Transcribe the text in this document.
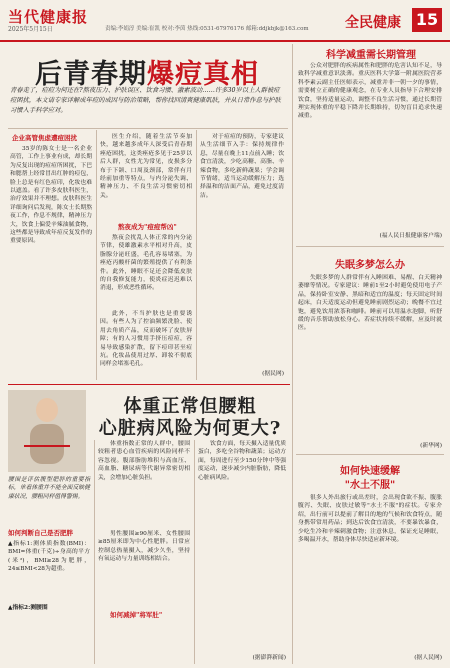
当代健康报
2025年5月15日	责编:李娟淳 美编:崔凯 校对:李茵 热线:0531-67976176 邮箱:ddjkbjk@163.com	全民健康 15
后青春期爆痘真相
青春走了，痘痘为何还在?熬夜压力、护肤误区、饮食习惯、激素波动……许多30岁以上人群被痘痘困扰，本文请专家详解成年痘的成因与防治策略，帮你找回清爽健康肌肤，并从日常作息与护肤习惯入手科学应对。
企业高管焦虑遭痘困扰
35岁的陈女士是一名企业高管，工作上事业有成，却长期为反复出现的痘痘所困扰，下巴和腮帮上经常冒出红肿的痘包，脸上总是有红色痘印，化妆也难以遮盖。看了许多皮肤科医生，治疗效果并不理想。皮肤科医生详细询问后发现，陈女士长期熬夜工作，作息不规律，精神压力大，饮食上偏爱辛辣油腻食物，这些都是导致成年痘反复发作的重要原因。
医生介绍，随着生活节奏加快，越来越多成年人深受后青春期痤疮困扰，这类痤疮多见于25岁以后人群，女性尤为常见，皮损多分布于下颌、口周及颈部，常伴有月经前加重等特点，与内分泌失调、精神压力、不良生活习惯密切相关。
熬夜成为"痘痘帮凶"
熬夜会扰乱人体正常的内分泌节律，使雄激素水平相对升高，皮脂腺分泌旺盛，毛孔容易堵塞，为痤疮丙酸杆菌的繁殖提供了有利条件。此外，睡眠不足还会降低皮肤的自我修复能力，使炎症迟迟难以消退，形成恶性循环。
此外，不当护肤也是重要诱因。有些人为了控油频繁洗脸、使用去角质产品，反而破坏了皮肤屏障；有的人习惯用手挤压痘痘，容易导致感染扩散，留下痘印甚至痘坑。化妆品使用过厚、卸妆不彻底同样会堵塞毛孔。
对于痘痘的预防，专家建议从生活细节入手：保持规律作息，尽量在晚上11点前入睡；饮食宜清淡，少吃高糖、高脂、辛辣食物，多吃新鲜蔬果；学会调节情绪，适当运动缓解压力；选择温和的洁面产品，避免过度清洁。
(据民网)
科学减重需长期管理
公众对肥胖的疾病属性和肥胖的危害认知不足，导致科学减重意识淡薄。重庆医科大学第一附属医院营养科李素云副主任医师表示，减重并非一朝一夕的事情，需要树立正确的健康观念，在专业人员指导下合理安排饮食，坚持适量运动，调整不良生活习惯，通过长期管理实现体重的平稳下降并长期维持，切勿盲目追求快速减重。
(福人民日报健康客户端)
失眠多梦怎么办
失眠多梦的人群常伴有入睡困难、易醒、白天精神萎靡等情况。专家建议：睡前1至2小时避免使用电子产品，保持卧室安静、黑暗和适宜的温度；每天固定时间起床，白天适度运动但避免睡前剧烈运动；晚餐不宜过饱，避免饮用浓茶和咖啡。睡前可以用温水泡脚，听舒缓的音乐帮助放松身心。若症状持续不缓解，应及时就医。
(新华网)
如何快速缓解
"水土不服"
很多人外出旅行或出差时，会出现食欲不振、腹胀腹泻、失眠、皮肤过敏等"水土不服"的症状。专家介绍，出行前可以提前了解目的地的气候和饮食特点，随身携带常用药品；到达后饮食宜清淡，不要暴饮暴食，少吃生冷和辛辣刺激食物；注意休息，保证充足睡眠，多喝温开水，帮助身体尽快适应新环境。
(据人民网)
体重正常但腰粗
心脏病风险为何更大?
腰围是评估腹型肥胖的重要指标，单看体重并不能全面反映健康状况，腰粗同样值得警惕。
如何判断自己是否肥胖
▲指标1:测体质指数(BMI)：BMI=体重(千克)÷身高的平方(米²)，BMI≥28为肥胖，24≤BMI<28为超重。
▲指标2:测腰围
体重指数正常的人群中，腰围较粗者患心血管疾病的风险同样不容忽视。腹部脂肪堆积与高血压、高血脂、糖尿病等代谢异常密切相关，会增加心脏负担。
男性腰围≥90厘米、女性腰围≥85厘米即为中心性肥胖。日常应控制总热量摄入，减少久坐，坚持有氧运动与力量训练相结合。
如何减掉"将军肚"
饮食方面，每天摄入适量优质蛋白，多吃全谷物和蔬菜；运动方面，每周进行至少150分钟中等强度运动，逐步减少内脏脂肪，降低心脏病风险。
(据澎湃新闻)
